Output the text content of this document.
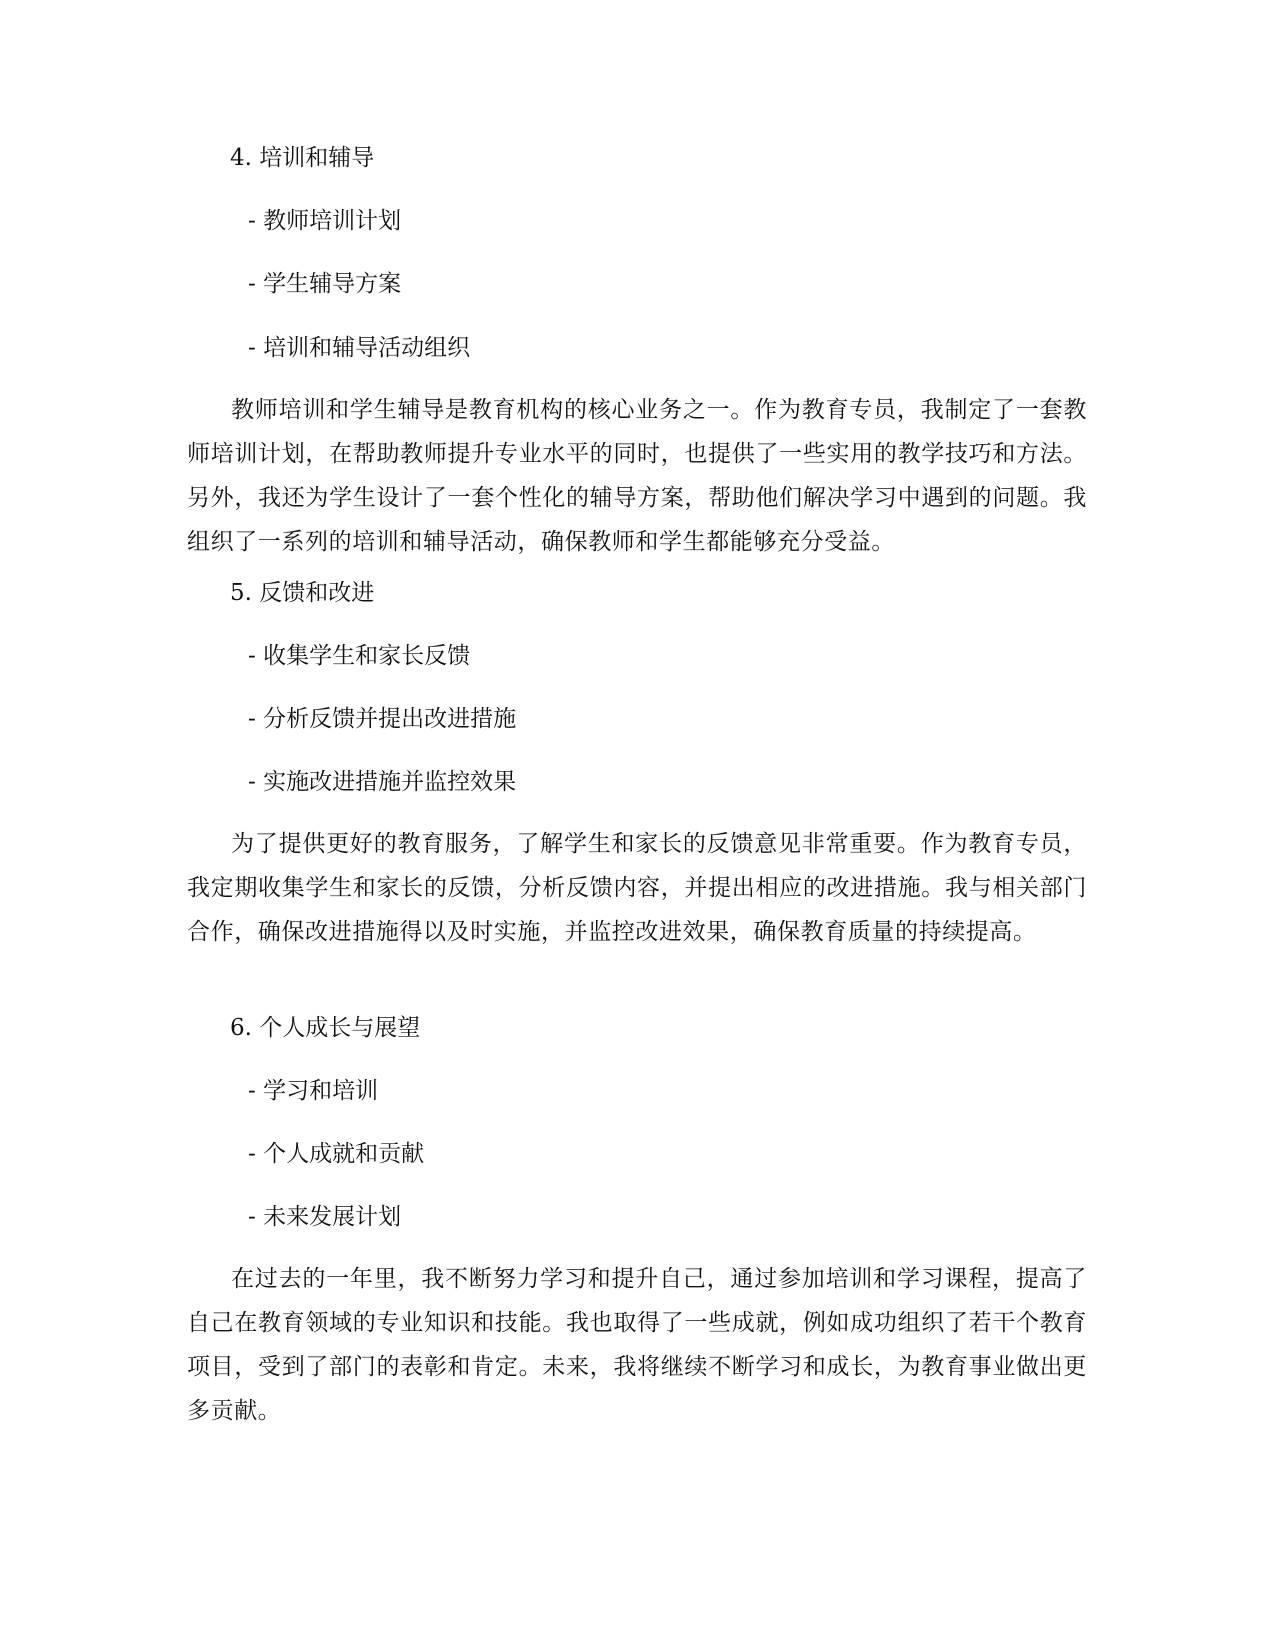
4. 培训和辅导
- 教师培训计划
- 学生辅导方案
- 培训和辅导活动组织
教师培训和学生辅导是教育机构的核心业务之一。作为教育专员，我制定了一套教师培训计划，在帮助教师提升专业水平的同时，也提供了一些实用的教学技巧和方法。另外，我还为学生设计了一套个性化的辅导方案，帮助他们解决学习中遇到的问题。我组织了一系列的培训和辅导活动，确保教师和学生都能够充分受益。
5. 反馈和改进
- 收集学生和家长反馈
- 分析反馈并提出改进措施
- 实施改进措施并监控效果
为了提供更好的教育服务，了解学生和家长的反馈意见非常重要。作为教育专员，我定期收集学生和家长的反馈，分析反馈内容，并提出相应的改进措施。我与相关部门合作，确保改进措施得以及时实施，并监控改进效果，确保教育质量的持续提高。
6. 个人成长与展望
- 学习和培训
- 个人成就和贡献
- 未来发展计划
在过去的一年里，我不断努力学习和提升自己，通过参加培训和学习课程，提高了自己在教育领域的专业知识和技能。我也取得了一些成就，例如成功组织了若干个教育项目，受到了部门的表彰和肯定。未来，我将继续不断学习和成长，为教育事业做出更多贡献。
